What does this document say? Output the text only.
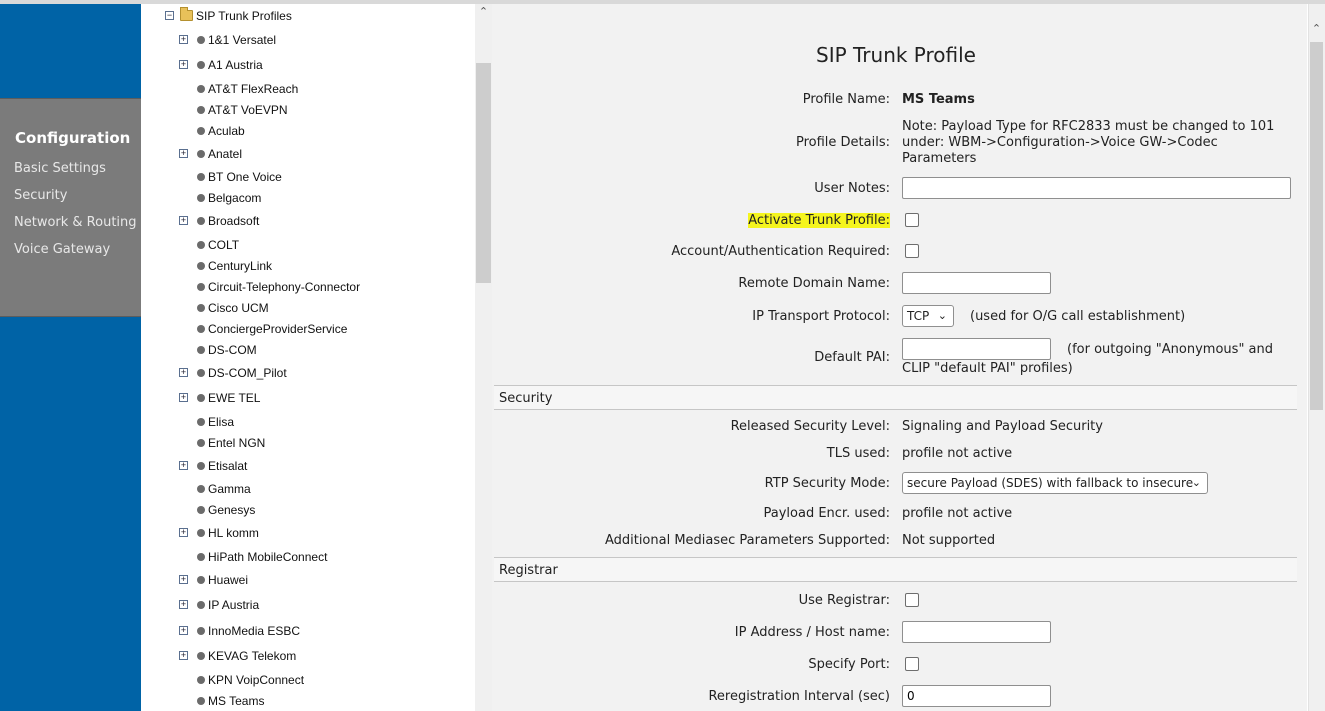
Configuration
Basic Settings
Security
Network & Routing
Voice Gateway
− SIP Trunk Profiles
+ 1&1 Versatel
+ A1 Austria
AT&T FlexReach
AT&T VoEVPN
Aculab
+ Anatel
BT One Voice
Belgacom
+ Broadsoft
COLT
CenturyLink
Circuit-Telephony-Connector
Cisco UCM
ConciergeProviderService
DS-COM
+ DS-COM_Pilot
+ EWE TEL
Elisa
Entel NGN
+ Etisalat
Gamma
Genesys
+ HL komm
HiPath MobileConnect
+ Huawei
+ IP Austria
+ InnoMedia ESBC
+ KEVAG Telekom
KPN VoipConnect
MS Teams
⌃
SIP Trunk Profile
Profile Name: MS Teams
Profile Details:
Note: Payload Type for RFC2833 must be changed to 101
under: WBM->Configuration->Voice GW->Codec
Parameters
User Notes:
Activate Trunk Profile:
Account/Authentication Required:
Remote Domain Name:
IP Transport Protocol:	TCP ⌄ (used for O/G call establishment)
Default PAI:
(for outgoing "Anonymous" and
CLIP "default PAI" profiles)
Security
Released Security Level: Signaling and Payload Security
TLS used: profile not active
RTP Security Mode:	secure Payload (SDES) with fallback to insecure
⌄
Payload Encr. used: profile not active
Additional Mediasec Parameters Supported: Not supported
Registrar
Use Registrar:
IP Address / Host name:
Specify Port:
Reregistration Interval (sec)
0
⌃
